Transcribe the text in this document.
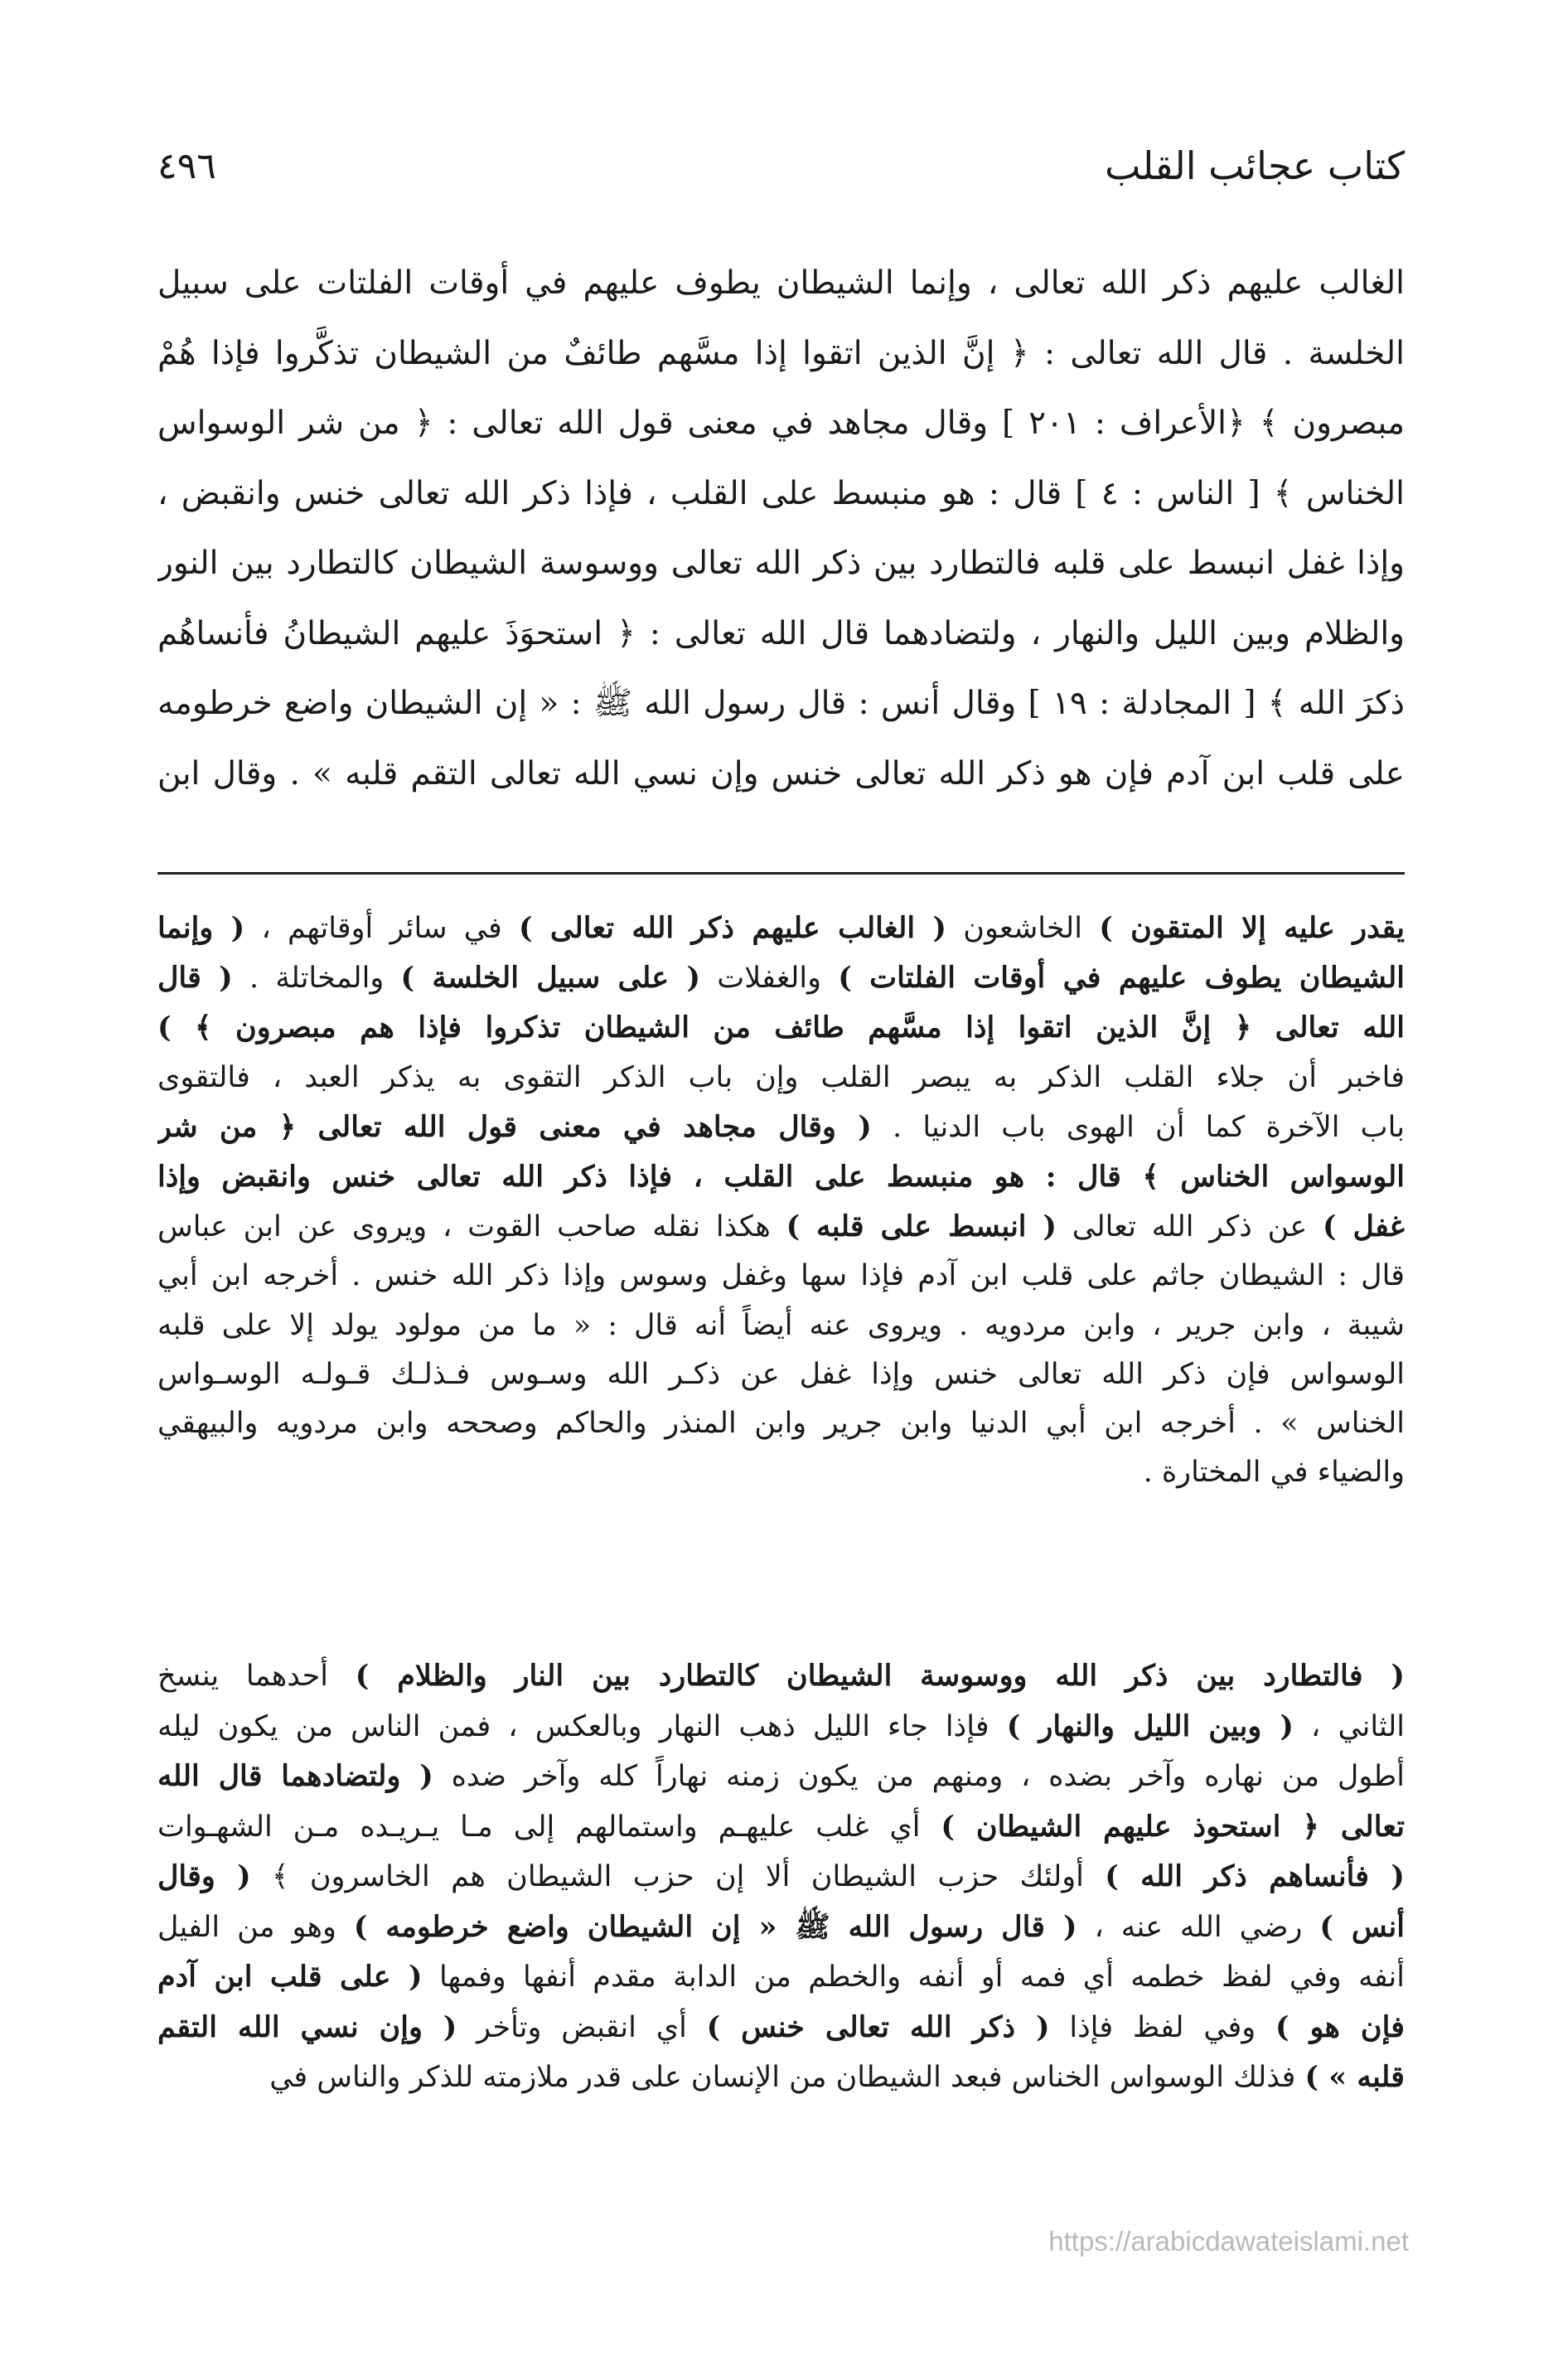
كتاب عجائب القلب
٤٩٦
الغالب عليهم ذكر الله تعالى ، وإنما الشيطان يطوف عليهم في أوقات الفلتات على سبيل
الخلسة . قال الله تعالى : ﴿ إنَّ الذين اتقوا إذا مسَّهم طائفٌ من الشيطان تذكَّروا فإذا هُمْ
مبصرون ﴾ ﴿الأعراف : ٢٠١ ] وقال مجاهد في معنى قول الله تعالى : ﴿ من شر الوسواس
الخناس ﴾ [ الناس : ٤ ] قال : هو منبسط على القلب ، فإذا ذكر الله تعالى خنس وانقبض ،
وإذا غفل انبسط على قلبه فالتطارد بين ذكر الله تعالى ووسوسة الشيطان كالتطارد بين النور
والظلام وبين الليل والنهار ، ولتضادهما قال الله تعالى : ﴿ استحوَذَ عليهم الشيطانُ فأنساهُم
ذكرَ الله ﴾ [ المجادلة : ١٩ ] وقال أنس : قال رسول الله ﷺ : « إن الشيطان واضع خرطومه
على قلب ابن آدم فإن هو ذكر الله تعالى خنس وإن نسي الله تعالى التقم قلبه » . وقال ابن
يقدر عليه إلا المتقون ) الخاشعون ( الغالب عليهم ذكر الله تعالى ) في سائر أوقاتهم ، ( وإنما
الشيطان يطوف عليهم في أوقات الفلتات ) والغفلات ( على سبيل الخلسة ) والمخاتلة . ( قال
الله تعالى ﴿ إنَّ الذين اتقوا إذا مسَّهم طائف من الشيطان تذكروا فإذا هم مبصرون ﴾ )
فاخبر أن جلاء القلب الذكر به يبصر القلب وإن باب الذكر التقوى به يذكر العبد ، فالتقوى
باب الآخرة كما أن الهوى باب الدنيا . ( وقال مجاهد في معنى قول الله تعالى ﴿ من شر
الوسواس الخناس ﴾ قال : هو منبسط على القلب ، فإذا ذكر الله تعالى خنس وانقبض وإذا
غفل ) عن ذكر الله تعالى ( انبسط على قلبه ) هكذا نقله صاحب القوت ، ويروى عن ابن عباس
قال : الشيطان جاثم على قلب ابن آدم فإذا سها وغفل وسوس وإذا ذكر الله خنس . أخرجه ابن أبي
شيبة ، وابن جرير ، وابن مردويه . ويروى عنه أيضاً أنه قال : « ما من مولود يولد إلا على قلبه
الوسواس فإن ذكر الله تعالى خنس وإذا غفل عن ذكـر الله وسـوس فـذلـك قـولـه الوسـواس
الخناس » . أخرجه ابن أبي الدنيا وابن جرير وابن المنذر والحاكم وصححه وابن مردويه والبيهقي
والضياء في المختارة .
( فالتطارد بين ذكر الله ووسوسة الشيطان كالتطارد بين النار والظلام ) أحدهما ينسخ
الثاني ، ( وبين الليل والنهار ) فإذا جاء الليل ذهب النهار وبالعكس ، فمن الناس من يكون ليله
أطول من نهاره وآخر بضده ، ومنهم من يكون زمنه نهاراً كله وآخر ضده ( ولتضادهما قال الله
تعالى ﴿ استحوذ عليهم الشيطان ) أي غلب عليهـم واستمالهم إلى مـا يـريـده مـن الشهـوات
( فأنساهم ذكر الله ) أولئك حزب الشيطان ألا إن حزب الشيطان هم الخاسرون ﴾ ( وقال
أنس ) رضي الله عنه ، ( قال رسول الله ﷺ « إن الشيطان واضع خرطومه ) وهو من الفيل
أنفه وفي لفظ خطمه أي فمه أو أنفه والخطم من الدابة مقدم أنفها وفمها ( على قلب ابن آدم
فإن هو ) وفي لفظ فإذا ( ذكر الله تعالى خنس ) أي انقبض وتأخر ( وإن نسي الله التقم
قلبه » ) فذلك الوسواس الخناس فبعد الشيطان من الإنسان على قدر ملازمته للذكر والناس في
https://arabicdawateislami.net
